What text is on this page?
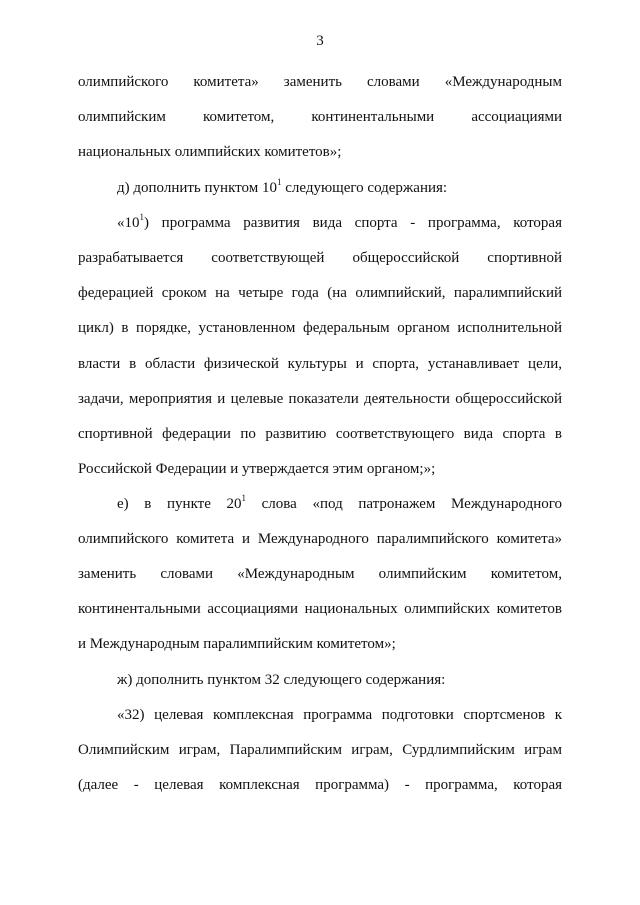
3
олимпийского комитета» заменить словами «Международным
олимпийским комитетом, континентальными ассоциациями
национальных олимпийских комитетов»;
д) дополнить пунктом $10^1$ следующего содержания:
«$10^1$) программа развития вида спорта - программа, которая
разрабатывается соответствующей общероссийской спортивной
федерацией сроком на четыре года (на олимпийский, паралимпийский
цикл) в порядке, установленном федеральным органом исполнительной
власти в области физической культуры и спорта, устанавливает цели,
задачи, мероприятия и целевые показатели деятельности общероссийской
спортивной федерации по развитию соответствующего вида спорта в
Российской Федерации и утверждается этим органом;»;
е) в пункте $20^1$ слова «под патронажем Международного
олимпийского комитета и Международного паралимпийского комитета»
заменить словами «Международным олимпийским комитетом,
континентальными ассоциациями национальных олимпийских комитетов
и Международным паралимпийским комитетом»;
ж) дополнить пунктом 32 следующего содержания:
«32) целевая комплексная программа подготовки спортсменов к
Олимпийским играм, Паралимпийским играм, Сурдлимпийским играм
(далее - целевая комплексная программа) - программа, которая
